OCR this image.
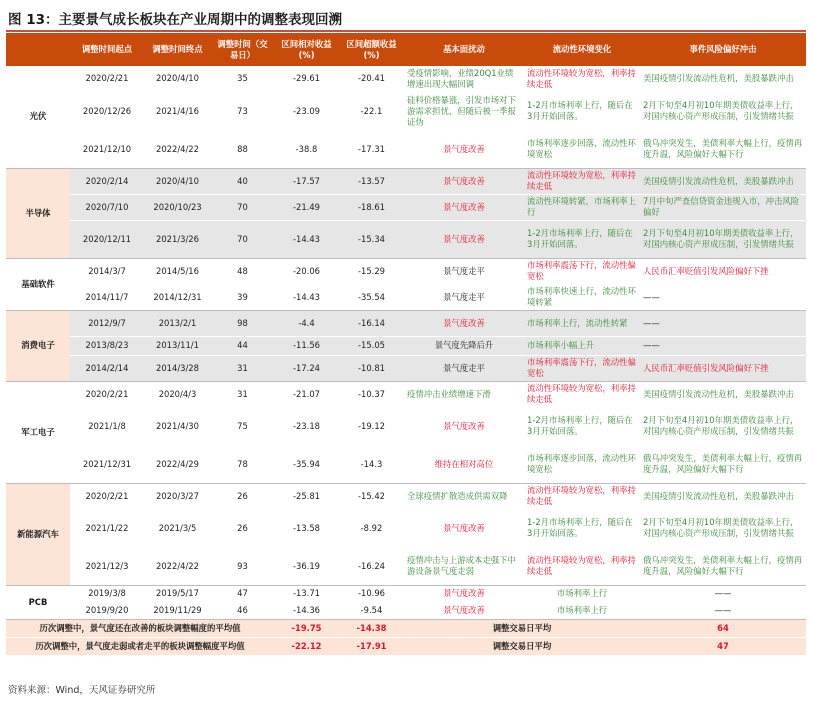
图 13：主要景气成长板块在产业周期中的调整表现回溯
	调整时间起点	调整时间终点	调整时间（交易日）	区间相对收益(%)	区间超额收益(%)	基本面扰动	流动性环境变化	事件风险偏好冲击
光伏	2020/2/21	2020/4/10	35	-29.61	-20.41	受疫情影响，业绩20Q1业绩增速出现大幅回调	流动性环境较为宽松，利率持续走低	美国疫情引发流动性危机，美股暴跌冲击
	2020/12/26	2021/4/16	73	-23.09	-22.1	硅料价格暴涨，引发市场对下游需求担忧，但随后被一季报证伪	1-2月市场利率上行，随后在3月开始回落。	2月下旬至4月初10年期美债收益率上行，对国内核心资产形成压制，引发情绪共振
	2021/12/10	2022/4/22	88	-38.8	-17.31	景气度改善	市场利率逐步回落，流动性环境宽松	俄乌冲突发生，美债利率大幅上行，疫情再度升温，风险偏好大幅下行
半导体	2020/2/14	2020/4/10	40	-17.57	-13.57	景气度改善	流动性环境较为宽松，利率持续走低	美国疫情引发流动性危机，美股暴跌冲击
	2020/7/10	2020/10/23	70	-21.49	-18.61	景气度改善	流动性环境转紧，市场利率上行	7月中旬严查信贷资金违规入市，冲击风险偏好
	2020/12/11	2021/3/26	70	-14.43	-15.34	景气度改善	1-2月市场利率上行，随后在3月开始回落。	2月下旬至4月初10年期美债收益率上行，对国内核心资产形成压制，引发情绪共振
基础软件	2014/3/7	2014/5/16	48	-20.06	-15.29	景气度走平	市场利率震荡下行，流动性偏宽松	人民币汇率贬值引发风险偏好下挫
	2014/11/7	2014/12/31	39	-14.43	-35.54	景气度走平	市场利率快速上行，流动性环境转紧	——
消费电子	2012/9/7	2013/2/1	98	-4.4	-16.14	景气度改善	市场利率上行，流动性转紧	——
	2013/8/23	2013/11/1	44	-11.56	-15.05	景气度先降后升	市场利率小幅上升	——
	2014/2/14	2014/3/28	31	-17.24	-10.81	景气度走平	市场利率震荡下行，流动性偏宽松	人民币汇率贬值引发风险偏好下挫
军工电子	2020/2/21	2020/4/3	31	-21.07	-10.37	疫情冲击业绩增速下滑	流动性环境较为宽松，利率持续走低	美国疫情引发流动性危机，美股暴跌冲击
	2021/1/8	2021/4/30	75	-23.18	-19.12	景气度改善	1-2月市场利率上行，随后在3月开始回落。	2月下旬至4月初10年期美债收益率上行，对国内核心资产形成压制，引发情绪共振
	2021/12/31	2022/4/29	78	-35.94	-14.3	维持在相对高位	市场利率逐步回落，流动性环境宽松	俄乌冲突发生，美债利率大幅上行，疫情再度升温，风险偏好大幅下行
新能源汽车	2020/2/21	2020/3/27	26	-25.81	-15.42	全球疫情扩散造成供需双降	流动性环境较为宽松，利率持续走低	美国疫情引发流动性危机，美股暴跌冲击
	2021/1/22	2021/3/5	26	-13.58	-8.92	景气度改善	1-2月市场利率上行，随后在3月开始回落。	2月下旬至4月初10年期美债收益率上行，对国内核心资产形成压制，引发情绪共振
	2021/12/3	2022/4/22	93	-36.19	-16.24	疫情冲击与上游成本走强下中游设备景气度走弱	流动性环境较为宽松，利率持续走低	俄乌冲突发生，美债利率大幅上行，疫情再度升温，风险偏好大幅下行
PCB	2019/3/8	2019/5/17	47	-13.71	-10.96	景气度改善	市场利率上行	——
	2019/9/20	2019/11/29	46	-14.36	-9.54	景气度改善	市场利率上行	——
历次调整中，景气度还在改善的板块调整幅度的平均值				-19.75	-14.38	调整交易日平均		64
历次调整中，景气度走弱或者走平的板块调整幅度平均值				-22.12	-17.91	调整交易日平均		47
资料来源：Wind，天风证券研究所
